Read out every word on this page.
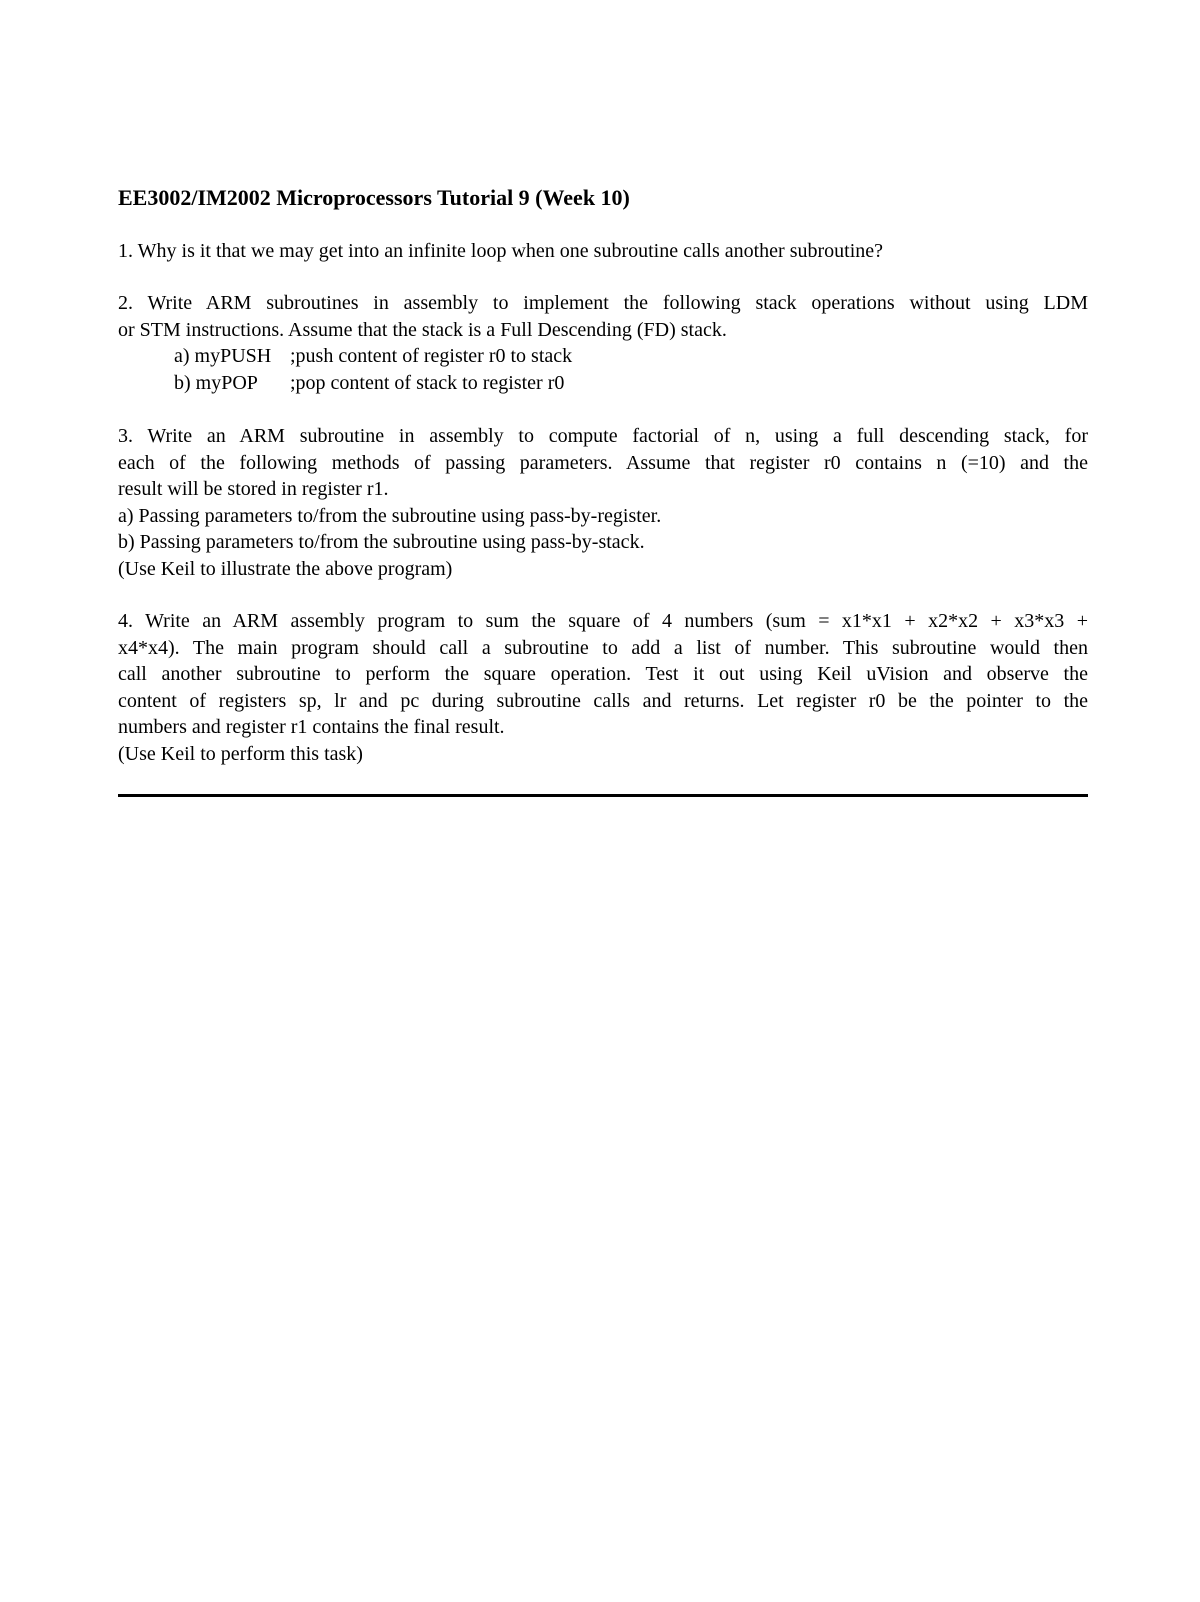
EE3002/IM2002 Microprocessors Tutorial 9 (Week 10)
1. Why is it that we may get into an infinite loop when one subroutine calls another subroutine?
2. Write ARM subroutines in assembly to implement the following stack operations without using LDM
or STM instructions. Assume that the stack is a Full Descending (FD) stack.
a) myPUSH ;push content of register r0 to stack
b) myPOP ;pop content of stack to register r0
3. Write an ARM subroutine in assembly to compute factorial of n, using a full descending stack, for
each of the following methods of passing parameters. Assume that register r0 contains n (=10) and the
result will be stored in register r1.
a) Passing parameters to/from the subroutine using pass-by-register.
b) Passing parameters to/from the subroutine using pass-by-stack.
(Use Keil to illustrate the above program)
4. Write an ARM assembly program to sum the square of 4 numbers (sum = x1*x1 + x2*x2 + x3*x3 +
x4*x4). The main program should call a subroutine to add a list of number. This subroutine would then
call another subroutine to perform the square operation. Test it out using Keil uVision and observe the
content of registers sp, lr and pc during subroutine calls and returns. Let register r0 be the pointer to the
numbers and register r1 contains the final result.
(Use Keil to perform this task)
